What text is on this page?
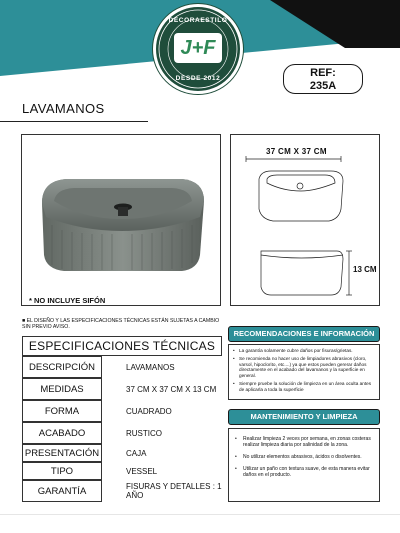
DECORAESTILO
J+F
DESDE 2012	REF:
235A
LAVAMANOS
* NO INCLUYE SIFÓN
37 CM X 37 CM
13 CM
■ EL DISEÑO Y LAS ESPECIFICACIONES TÉCNICAS ESTÁN SUJETAS A CAMBIO SIN PREVIO AVISO.
ESPECIFICACIONES TÉCNICAS
DESCRIPCIÓN	LAVAMANOS
MEDIDAS	37 CM X 37 CM X 13 CM
FORMA	CUADRADO
ACABADO	RUSTICO
PRESENTACIÓN	CAJA
TIPO	VESSEL
GARANTÍA	FISURAS Y DETALLES : 1 AÑO
RECOMENDACIONES E INFORMACIÓN
• La garantía solamente cubre daños por fisuras/grietas.
• Se recomienda no hacer uso de limpiadores abrasivos (cloro, varsol, hipoclorito, etc....) ya que estos pueden gererar daños directamente en el acabado del lavamanos y la superficie en general.
• Siempre pruebe la solución de limpieza en un área oculta antes de aplicarla a toda la superficie
MANTENIMIENTO Y LIMPIEZA
• Realizar limpieza 2 veces por semana, en zonas costeras realizar limpieza diaria por salinidad de la zona.
• No utilizar elementos abrasivos, ácidos o disolventes.
• Utilizar un paño con textura suave, de esta manera evitar daños en el producto.
